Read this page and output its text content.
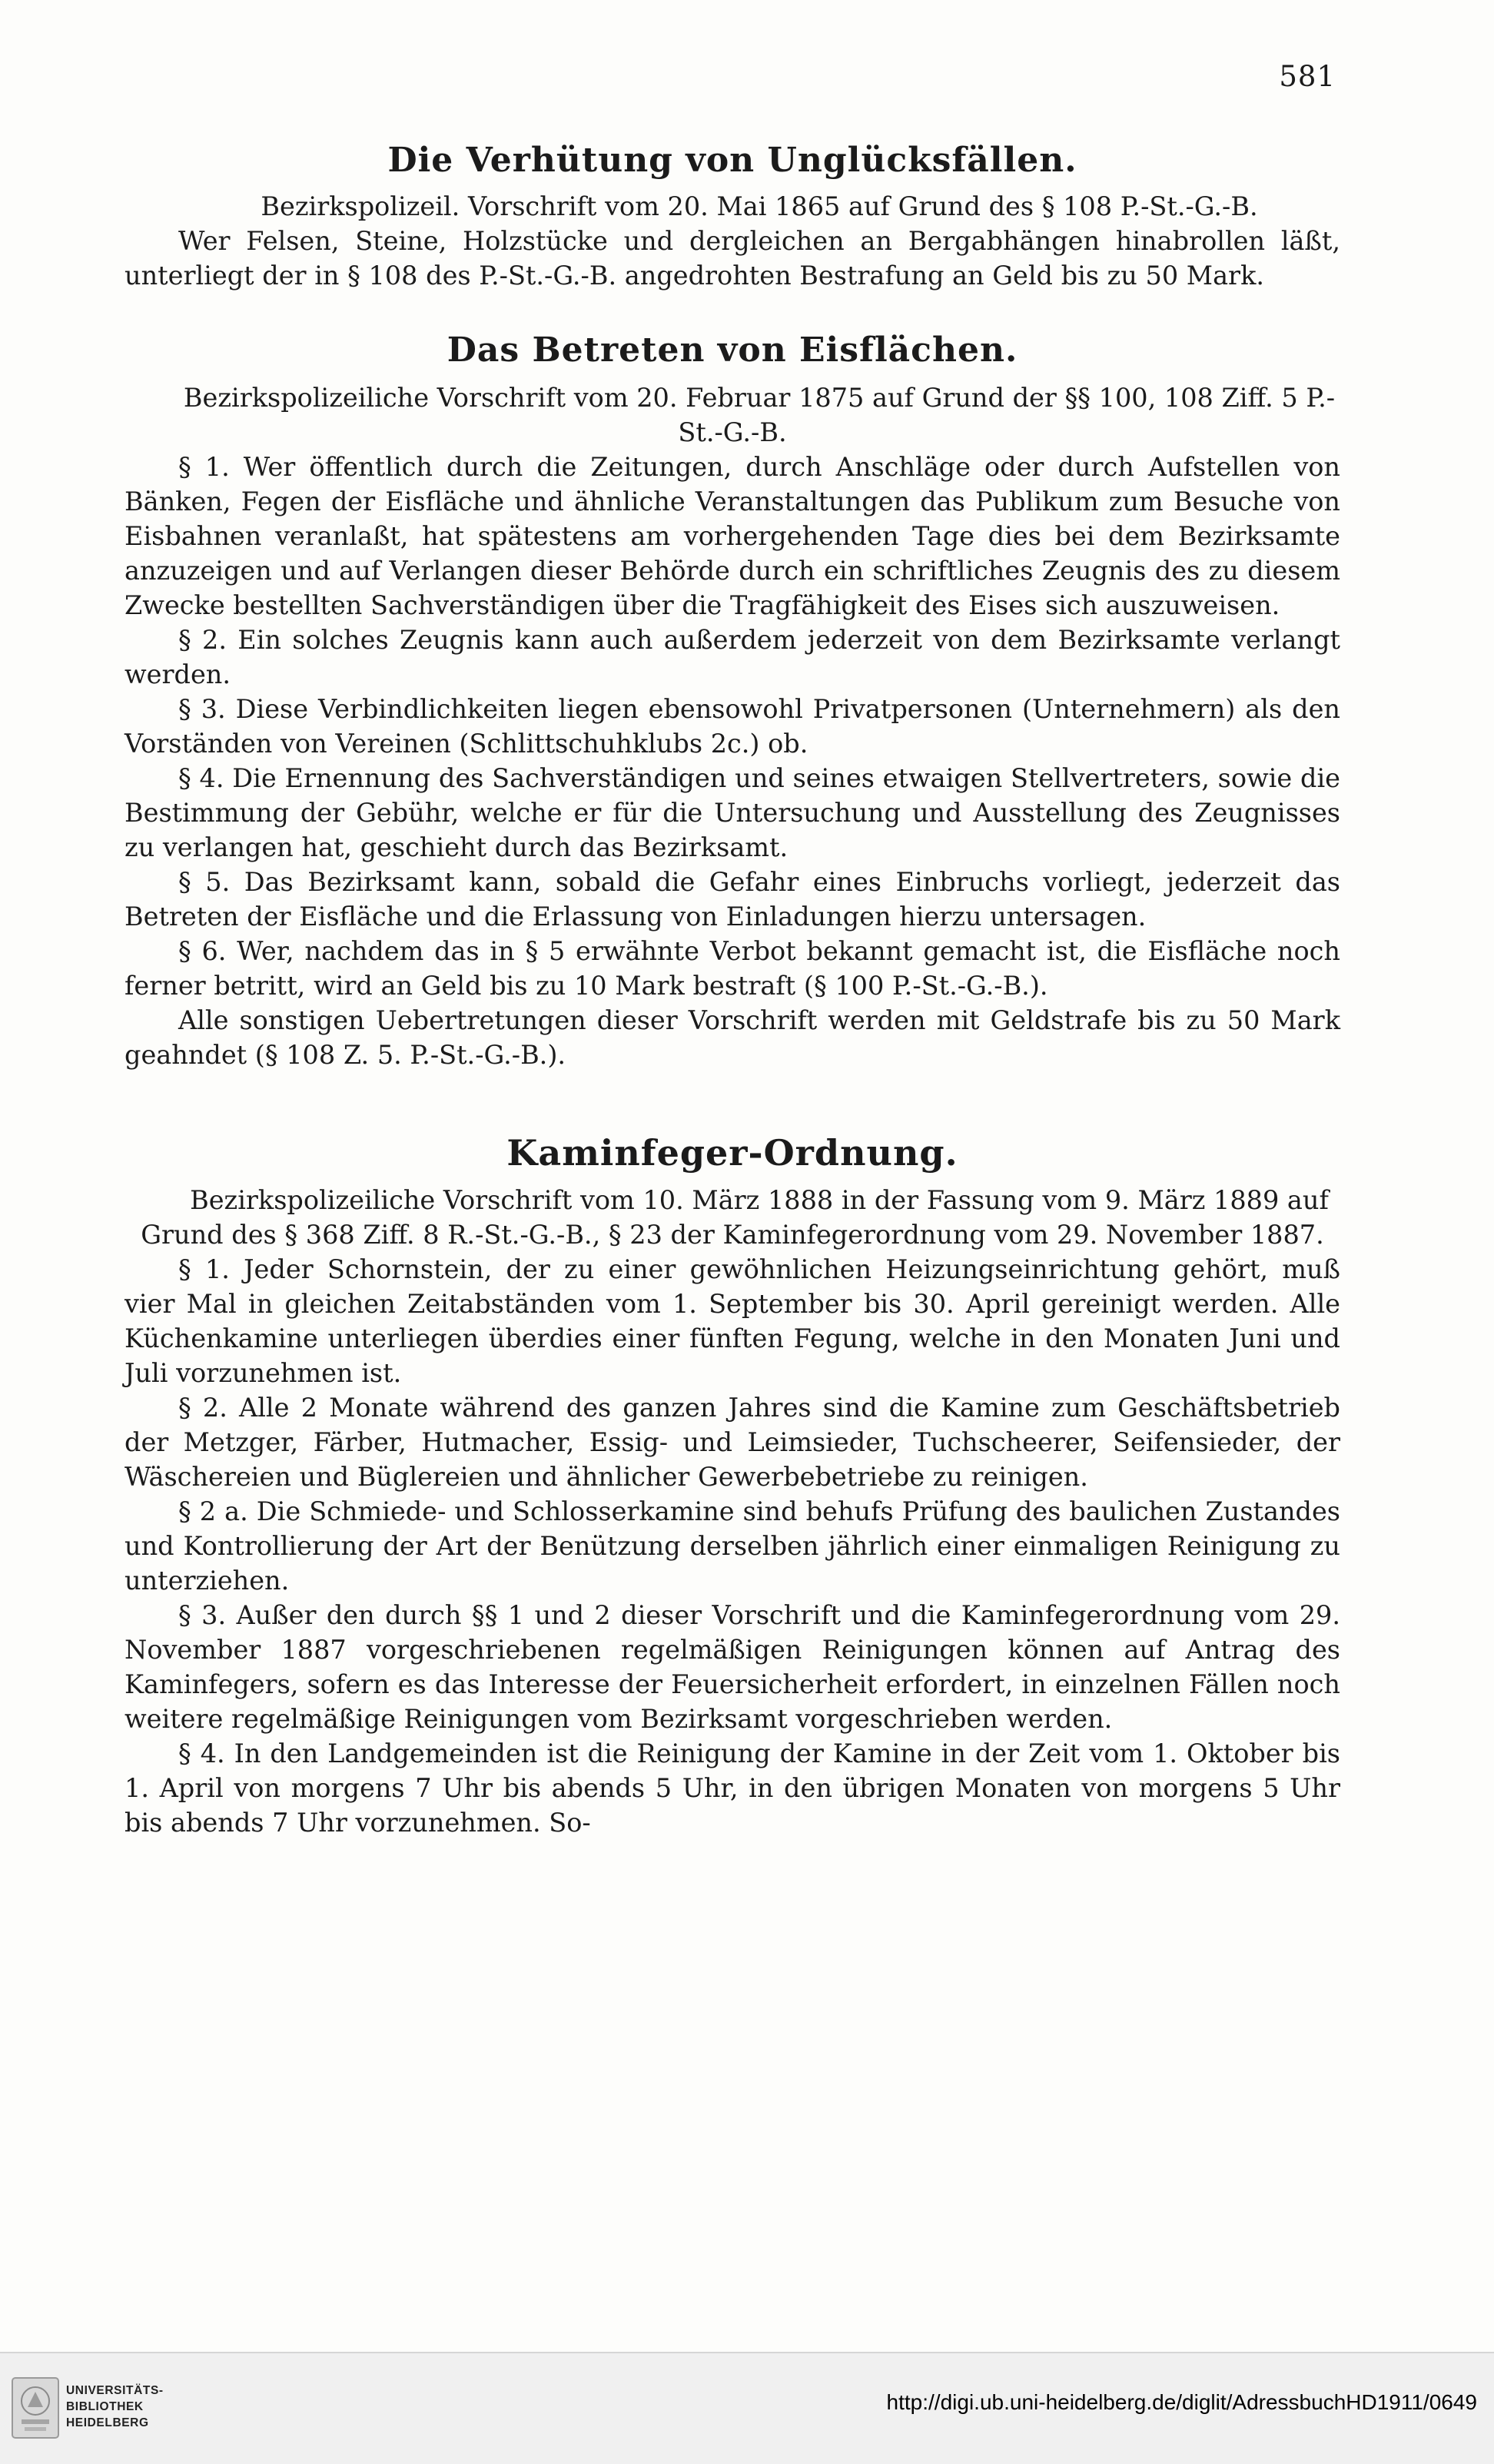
581
Die Verhütung von Unglücksfällen.

Bezirkspolizeil. Vorschrift vom 20. Mai 1865 auf Grund des § 108 P.-St.-G.-B.

Wer Felsen, Steine, Holzstücke und dergleichen an Bergabhängen hinabrollen läßt, unterliegt der in § 108 des P.-St.-G.-B. angedrohten Bestrafung an Geld bis zu 50 Mark.

Das Betreten von Eisflächen.

Bezirkspolizeiliche Vorschrift vom 20. Februar 1875 auf Grund der §§ 100, 108 Ziff. 5 P.-St.-G.-B.

§ 1. Wer öffentlich durch die Zeitungen, durch Anschläge oder durch Aufstellen von Bänken, Fegen der Eisfläche und ähnliche Veranstaltungen das Publikum zum Besuche von Eisbahnen veranlaßt, hat spätestens am vorhergehenden Tage dies bei dem Bezirksamte anzuzeigen und auf Verlangen dieser Behörde durch ein schriftliches Zeugnis des zu diesem Zwecke bestellten Sachverständigen über die Tragfähigkeit des Eises sich auszuweisen.

§ 2. Ein solches Zeugnis kann auch außerdem jederzeit von dem Bezirksamte verlangt werden.

§ 3. Diese Verbindlichkeiten liegen ebensowohl Privatpersonen (Unternehmern) als den Vorständen von Vereinen (Schlittschuhklubs 2c.) ob.

§ 4. Die Ernennung des Sachverständigen und seines etwaigen Stellvertreters, sowie die Bestimmung der Gebühr, welche er für die Untersuchung und Ausstellung des Zeugnisses zu verlangen hat, geschieht durch das Bezirksamt.

§ 5. Das Bezirksamt kann, sobald die Gefahr eines Einbruchs vorliegt, jederzeit das Betreten der Eisfläche und die Erlassung von Einladungen hierzu untersagen.

§ 6. Wer, nachdem das in § 5 erwähnte Verbot bekannt gemacht ist, die Eisfläche noch ferner betritt, wird an Geld bis zu 10 Mark bestraft (§ 100 P.-St.-G.-B.).

Alle sonstigen Uebertretungen dieser Vorschrift werden mit Geldstrafe bis zu 50 Mark geahndet (§ 108 Z. 5. P.-St.-G.-B.).

Kaminfeger-Ordnung.

Bezirkspolizeiliche Vorschrift vom 10. März 1888 in der Fassung vom 9. März 1889 auf Grund des § 368 Ziff. 8 R.-St.-G.-B., § 23 der Kaminfegerordnung vom 29. November 1887.

§ 1. Jeder Schornstein, der zu einer gewöhnlichen Heizungseinrichtung gehört, muß vier Mal in gleichen Zeitabständen vom 1. September bis 30. April gereinigt werden. Alle Küchenkamine unterliegen überdies einer fünften Fegung, welche in den Monaten Juni und Juli vorzunehmen ist.

§ 2. Alle 2 Monate während des ganzen Jahres sind die Kamine zum Geschäftsbetrieb der Metzger, Färber, Hutmacher, Essig- und Leimsieder, Tuchscheerer, Seifensieder, der Wäschereien und Büglereien und ähnlicher Gewerbebetriebe zu reinigen.

§ 2 a. Die Schmiede- und Schlosserkamine sind behufs Prüfung des baulichen Zustandes und Kontrollierung der Art der Benützung derselben jährlich einer einmaligen Reinigung zu unterziehen.

§ 3. Außer den durch §§ 1 und 2 dieser Vorschrift und die Kaminfegerordnung vom 29. November 1887 vorgeschriebenen regelmäßigen Reinigungen können auf Antrag des Kaminfegers, sofern es das Interesse der Feuersicherheit erfordert, in einzelnen Fällen noch weitere regelmäßige Reinigungen vom Bezirksamt vorgeschrieben werden.

§ 4. In den Landgemeinden ist die Reinigung der Kamine in der Zeit vom 1. Oktober bis 1. April von morgens 7 Uhr bis abends 5 Uhr, in den übrigen Monaten von morgens 5 Uhr bis abends 7 Uhr vorzunehmen. So-

UNIVERSITÄTS-
BIBLIOTHEK
HEIDELBERG
http://digi.ub.uni-heidelberg.de/diglit/AdressbuchHD1911/0649
